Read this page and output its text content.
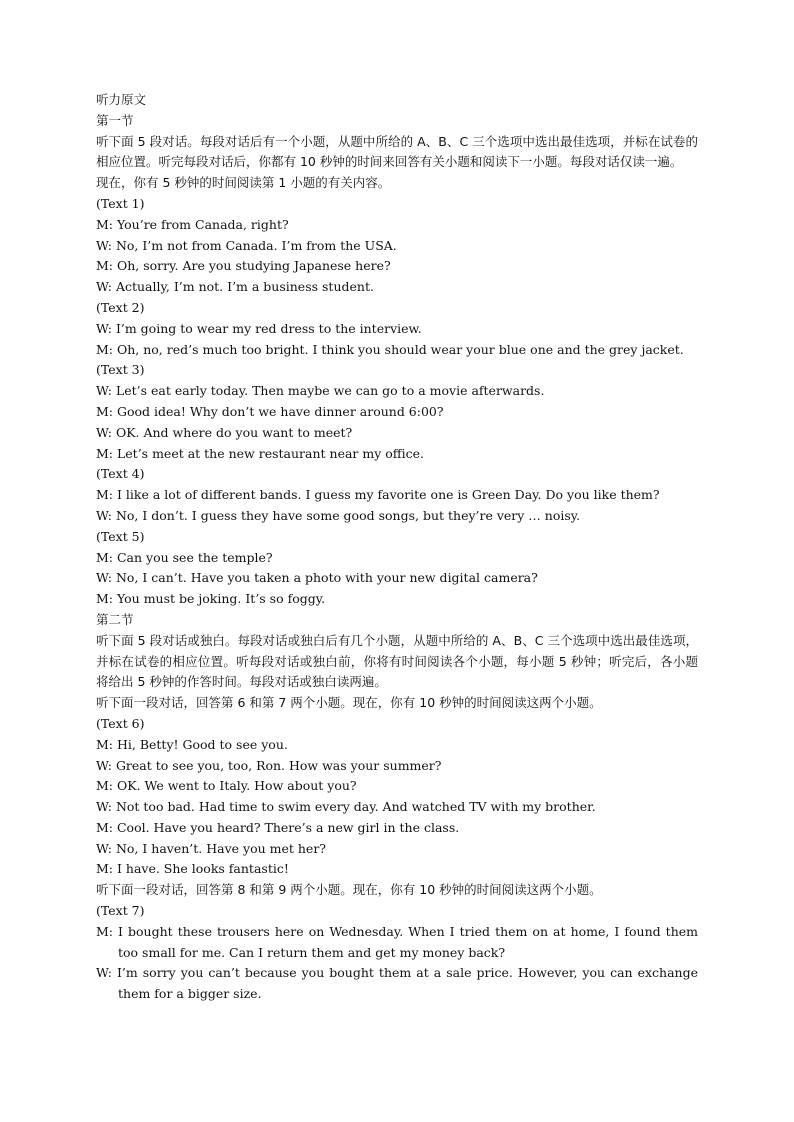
听力原文

第一节

听下面 5 段对话。每段对话后有一个小题，从题中所给的 A、B、C 三个选项中选出最佳选项，并标在试卷的相应位置。听完每段对话后，你都有 10 秒钟的时间来回答有关小题和阅读下一小题。每段对话仅读一遍。

现在，你有 5 秒钟的时间阅读第 1 小题的有关内容。

(Text 1)

M: You’re from Canada, right?

W: No, I’m not from Canada. I’m from the USA.

M: Oh, sorry. Are you studying Japanese here?

W: Actually, I’m not. I’m a business student.

(Text 2)

W: I’m going to wear my red dress to the interview.

M: Oh, no, red’s much too bright. I think you should wear your blue one and the grey jacket.

(Text 3)

W: Let’s eat early today. Then maybe we can go to a movie afterwards.

M: Good idea! Why don’t we have dinner around 6:00?

W: OK. And where do you want to meet?

M: Let’s meet at the new restaurant near my office.

(Text 4)

M: I like a lot of different bands. I guess my favorite one is Green Day. Do you like them?

W: No, I don’t. I guess they have some good songs, but they’re very … noisy.

(Text 5)

M: Can you see the temple?

W: No, I can’t. Have you taken a photo with your new digital camera?

M: You must be joking. It’s so foggy.

第二节

听下面 5 段对话或独白。每段对话或独白后有几个小题，从题中所给的 A、B、C 三个选项中选出最佳选项，并标在试卷的相应位置。听每段对话或独白前，你将有时间阅读各个小题，每小题 5 秒钟；听完后，各小题将给出 5 秒钟的作答时间。每段对话或独白读两遍。

听下面一段对话，回答第 6 和第 7 两个小题。现在，你有 10 秒钟的时间阅读这两个小题。

(Text 6)

M: Hi, Betty! Good to see you.

W: Great to see you, too, Ron. How was your summer?

M: OK. We went to Italy. How about you?

W: Not too bad. Had time to swim every day. And watched TV with my brother.

M: Cool. Have you heard? There’s a new girl in the class.

W: No, I haven’t. Have you met her?

M: I have. She looks fantastic!

听下面一段对话，回答第 8 和第 9 两个小题。现在，你有 10 秒钟的时间阅读这两个小题。

(Text 7)

M: I bought these trousers here on Wednesday. When I tried them on at home, I found them too small for me. Can I return them and get my money back?

W: I’m sorry you can’t because you bought them at a sale price. However, you can exchange them for a bigger size.
